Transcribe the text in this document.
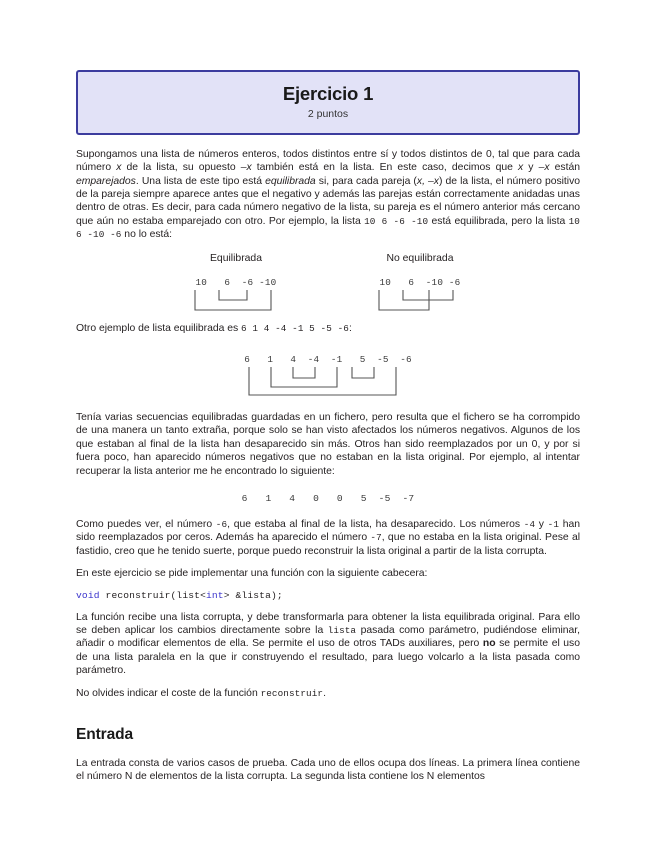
Ejercicio 1
2 puntos

Supongamos una lista de números enteros, todos distintos entre sí y todos distintos de 0, tal que para cada número x de la lista, su opuesto –x también está en la lista. En este caso, decimos que x y –x están emparejados. Una lista de este tipo está equilibrada si, para cada pareja (x, –x) de la lista, el número positivo de la pareja siempre aparece antes que el negativo y además las parejas están correctamente anidadas unas dentro de otras. Es decir, para cada número negativo de la lista, su pareja es el número anterior más cercano que aún no estaba emparejado con otro. Por ejemplo, la lista 10 6 -6 -10 está equilibrada, pero la lista 10 6 -10 -6 no lo está:

Equilibrada
10   6  -6 -10
No equilibrada
10   6  -10 -6

Otro ejemplo de lista equilibrada es 6 1 4 -4 -1 5 -5 -6:

6   1   4  -4  -1   5  -5  -6

Tenía varias secuencias equilibradas guardadas en un fichero, pero resulta que el fichero se ha corrompido de una manera un tanto extraña, porque solo se han visto afectados los números negativos. Algunos de los que estaban al final de la lista han desaparecido sin más. Otros han sido reemplazados por un 0, y por si fuera poco, han aparecido números negativos que no estaban en la lista original. Por ejemplo, al intentar recuperar la lista anterior me he encontrado lo siguiente:

6   1   4   0   0   5  -5  -7

Como puedes ver, el número -6, que estaba al final de la lista, ha desaparecido. Los números -4 y -1 han sido reemplazados por ceros. Además ha aparecido el número -7, que no estaba en la lista original. Pese al fastidio, creo que he tenido suerte, porque puedo reconstruir la lista original a partir de la lista corrupta.

En este ejercicio se pide implementar una función con la siguiente cabecera:

void reconstruir(list<int> &lista);

La función recibe una lista corrupta, y debe transformarla para obtener la lista equilibrada original. Para ello se deben aplicar los cambios directamente sobre la lista pasada como parámetro, pudiéndose eliminar, añadir o modificar elementos de ella. Se permite el uso de otros TADs auxiliares, pero no se permite el uso de una lista paralela en la que ir construyendo el resultado, para luego volcarlo a la lista pasada como parámetro.

No olvides indicar el coste de la función reconstruir.

Entrada

La entrada consta de varios casos de prueba. Cada uno de ellos ocupa dos líneas. La primera línea contiene el número N de elementos de la lista corrupta. La segunda lista contiene los N elementos
